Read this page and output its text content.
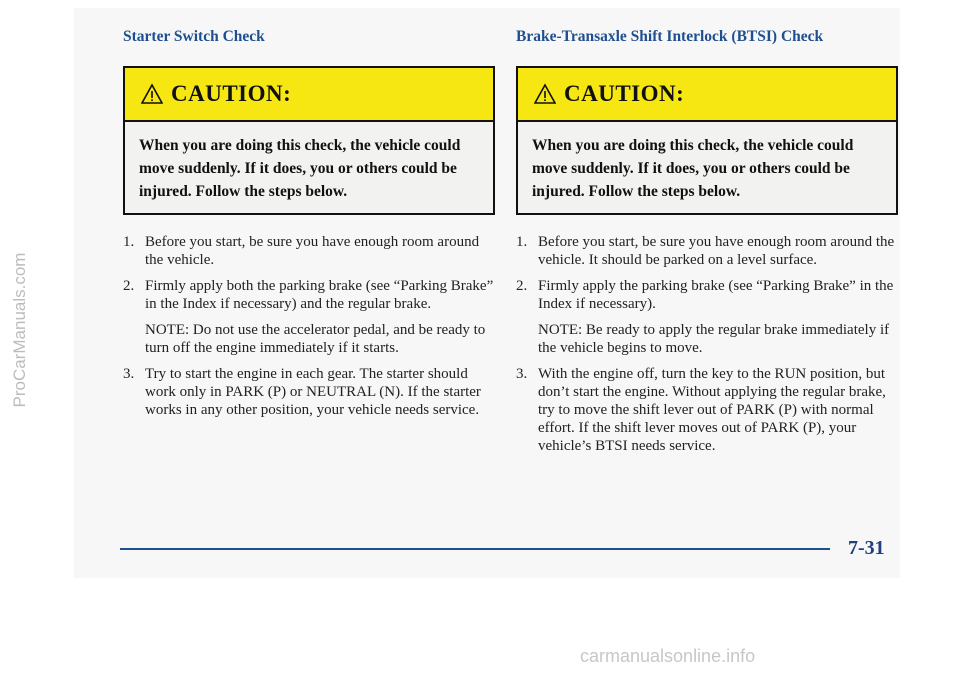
ProCarManuals.com
Starter Switch Check
CAUTION:
When you are doing this check, the vehicle could move suddenly. If it does, you or others could be injured. Follow the steps below.
1. Before you start, be sure you have enough room around the vehicle.
2. Firmly apply both the parking brake (see “Parking Brake” in the Index if necessary) and the regular brake.
NOTE: Do not use the accelerator pedal, and be ready to turn off the engine immediately if it starts.
3. Try to start the engine in each gear. The starter should work only in PARK (P) or NEUTRAL (N). If the starter works in any other position, your vehicle needs service.
Brake-Transaxle Shift Interlock (BTSI) Check
CAUTION:
When you are doing this check, the vehicle could move suddenly. If it does, you or others could be injured. Follow the steps below.
1. Before you start, be sure you have enough room around the vehicle. It should be parked on a level surface.
2. Firmly apply the parking brake (see “Parking Brake” in the Index if necessary).
NOTE: Be ready to apply the regular brake immediately if the vehicle begins to move.
3. With the engine off, turn the key to the RUN position, but don’t start the engine. Without applying the regular brake, try to move the shift lever out of PARK (P) with normal effort. If the shift lever moves out of PARK (P), your vehicle’s BTSI needs service.
7-31
carmanualsonline.info
